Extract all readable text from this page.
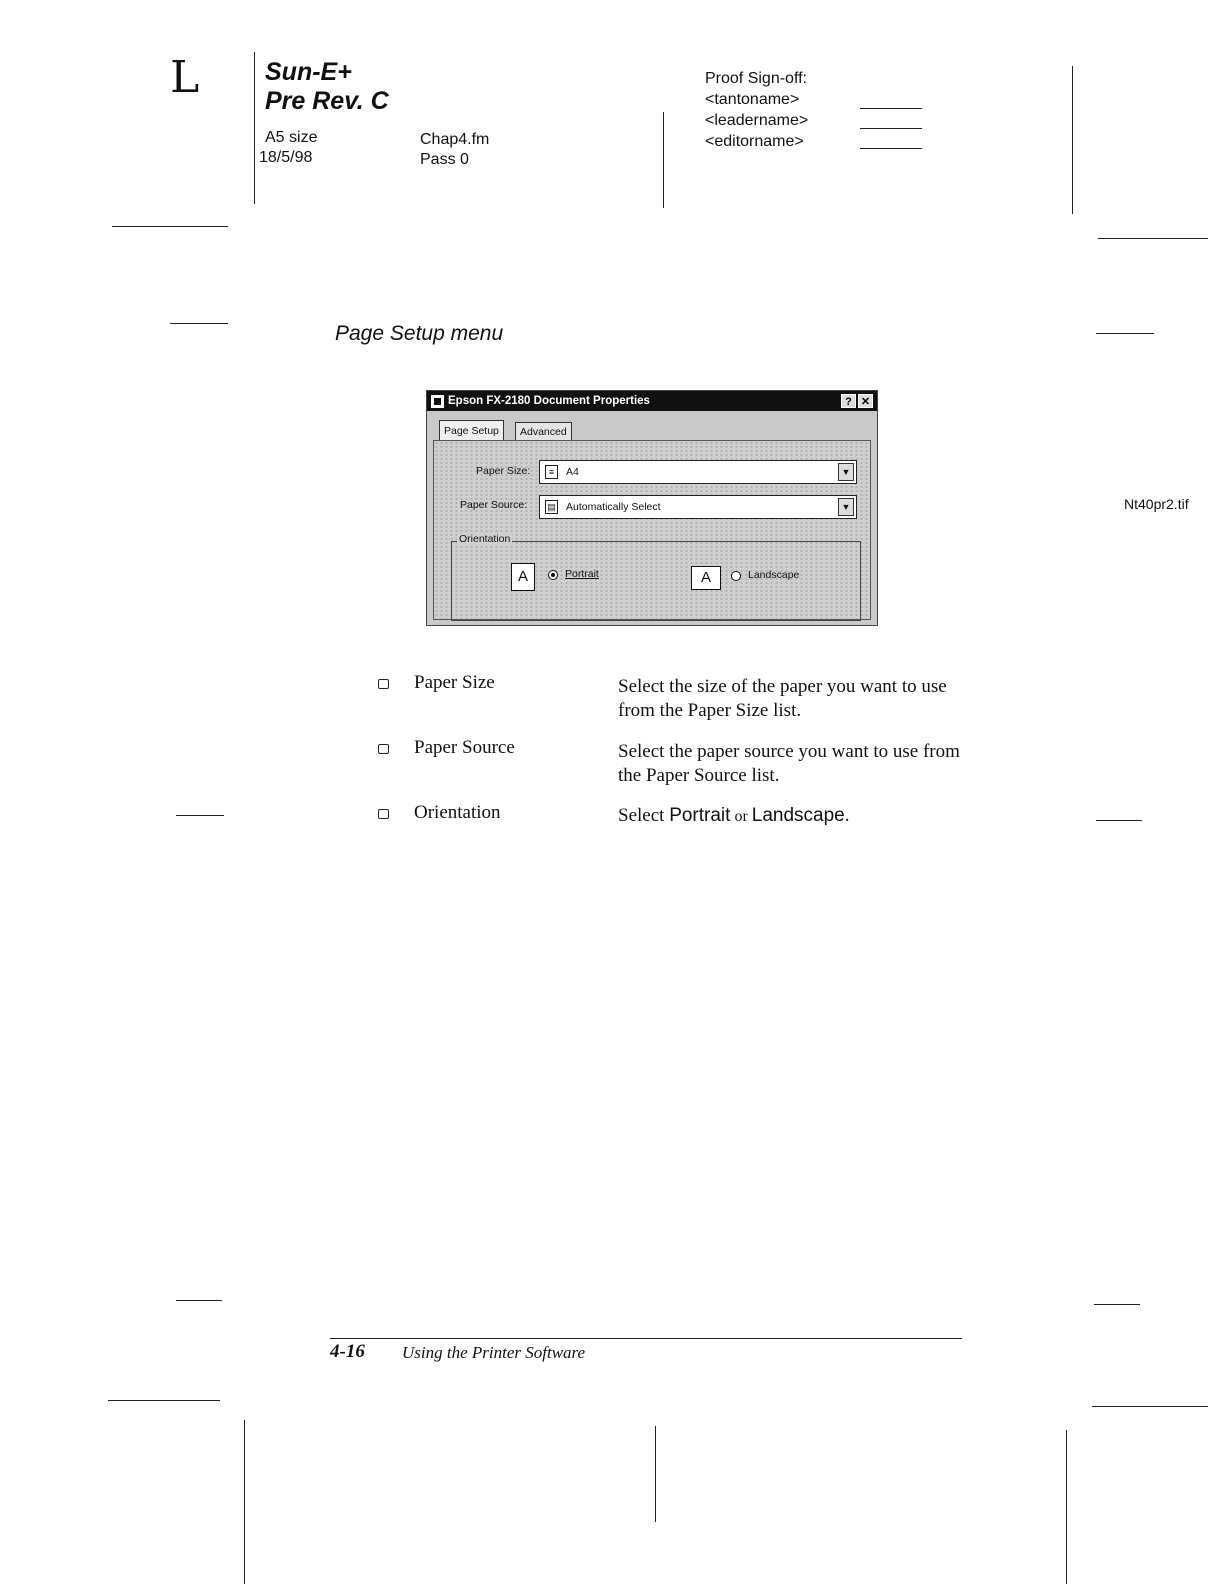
L	Sun-E+
Pre Rev. C
A5 size
18/5/98
Chap4.fm
Pass 0
Proof Sign-off:
<tantoname>
<leadername>
<editorname>
Nt40pr2.tif
Page Setup menu
Epson FX-2180 Document Properties	? ✕
Page Setup	Advanced
Paper Size:	≡	A4	▼
Paper Source: ▤ Automatically Select	▼
Orientation
A	Portrait	A	Landscape
Paper Size	Select the size of the paper you want to use from the Paper Size list.
Paper Source	Select the paper source you want to use from the Paper Source list.
Orientation	Select Portrait or Landscape.
4-16 Using the Printer Software
